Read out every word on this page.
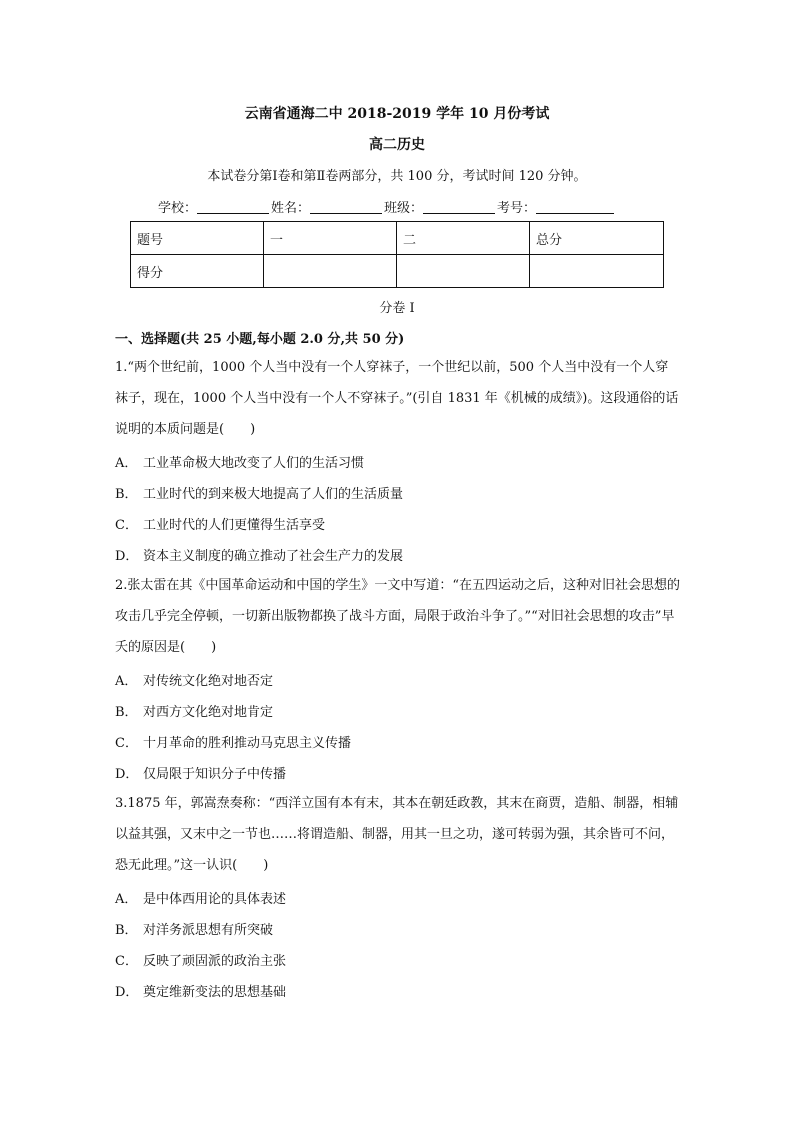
云南省通海二中 2018-2019 学年 10 月份考试
高二历史
本试卷分第Ⅰ卷和第Ⅱ卷两部分，共 100 分，考试时间 120 分钟。
学校：	姓名：	班级：	考号：
题号	一	二	总分
得分			
分卷 I
一、选择题(共 25 小题,每小题 2.0 分,共 50 分)
1.“两个世纪前，1000 个人当中没有一个人穿袜子，一个世纪以前，500 个人当中没有一个人穿袜子，现在，1000 个人当中没有一个人不穿袜子。”(引自 1831 年《机械的成绩》)。这段通俗的话说明的本质问题是(　　)
A． 工业革命极大地改变了人们的生活习惯
B． 工业时代的到来极大地提高了人们的生活质量
C． 工业时代的人们更懂得生活享受
D． 资本主义制度的确立推动了社会生产力的发展
2.张太雷在其《中国革命运动和中国的学生》一文中写道：“在五四运动之后，这种对旧社会思想的攻击几乎完全停顿，一切新出版物都换了战斗方面，局限于政治斗争了。”“对旧社会思想的攻击”早夭的原因是(　　)
A． 对传统文化绝对地否定
B． 对西方文化绝对地肯定
C． 十月革命的胜利推动马克思主义传播
D． 仅局限于知识分子中传播
3.1875 年，郭嵩焘奏称：“西洋立国有本有末，其本在朝廷政教，其末在商贾，造船、制器，相辅以益其强，又末中之一节也……将谓造船、制器，用其一旦之功，遂可转弱为强，其余皆可不问，恐无此理。”这一认识(　　)
A． 是中体西用论的具体表述
B． 对洋务派思想有所突破
C． 反映了顽固派的政治主张
D． 奠定维新变法的思想基础
